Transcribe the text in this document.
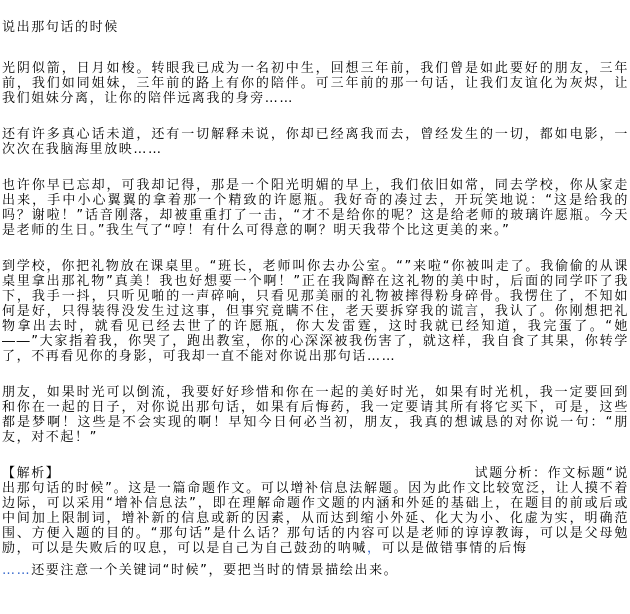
说出那句话的时候

光阴似箭，日月如梭。转眼我已成为一名初中生，回想三年前，我们曾是如此要好的朋友，三年前，我们如同姐妹，三年前的路上有你的陪伴。可三年前的那一句话，让我们友谊化为灰烬，让我们姐妹分离，让你的陪伴远离我的身旁……

还有许多真心话未道，还有一切解释未说，你却已经离我而去，曾经发生的一切，都如电影，一次次在我脑海里放映……

也许你早已忘却，可我却记得，那是一个阳光明媚的早上，我们依旧如常，同去学校，你从家走出来，手中小心翼翼的拿着那一个精致的许愿瓶。我好奇的凑过去，开玩笑地说：“这是给我的吗？谢啦！”话音刚落，却被重重打了一击，“才不是给你的呢？这是给老师的玻璃许愿瓶。今天是老师的生日。”我生气了“哼！有什么可得意的啊？明天我带个比这更美的来。”

到学校，你把礼物放在课桌里。“班长，老师叫你去办公室。“”来啦“你被叫走了。我偷偷的从课桌里拿出那礼物”真美！我也好想要一个啊！”正在我陶醉在这礼物的美中时，后面的同学吓了我下，我手一抖，只听见啪的一声碎响，只看见那美丽的礼物被摔得粉身碎骨。我愣住了，不知如何是好，只得装得没发生过这事，但事究竟瞒不住，老天要拆穿我的谎言，我认了。你刚想把礼物拿出去时，就看见已经去世了的许愿瓶，你大发雷霆，这时我就已经知道，我完蛋了。“她――”大家指着我，你哭了，跑出教室，你的心深深被我伤害了，就这样，我自食了其果，你转学了，不再看见你的身影，可我却一直不能对你说出那句话……

朋友，如果时光可以倒流，我要好好珍惜和你在一起的美好时光，如果有时光机，我一定要回到和你在一起的日子，对你说出那句话，如果有后悔药，我一定要请其所有将它买下，可是，这些都是梦啊！这些是不会实现的啊！早知今日何必当初，朋友，我真的想诚恳的对你说一句：“朋友，对不起！”

【解析】	试题分析：作文标题“说
出那句话的时候”。这是一篇命题作文。可以增补信息法解题。因为此作文比较宽泛，让人摸不着边际，可以采用“增补信息法”，即在理解命题作文题的内涵和外延的基础上，在题目的前或后或中间加上限制词，增补新的信息或新的因素，从而达到缩小外延、化大为小、化虚为实，明确范围、方便入题的目的。“那句话”是什么话？那句话的内容可以是老师的谆谆教诲，可以是父母勉励，可以是失败后的叹息，可以是自己为自己鼓劲的呐喊，可以是做错事情的后悔
……还要注意一个关键词“时候”，要把当时的情景描绘出来。
